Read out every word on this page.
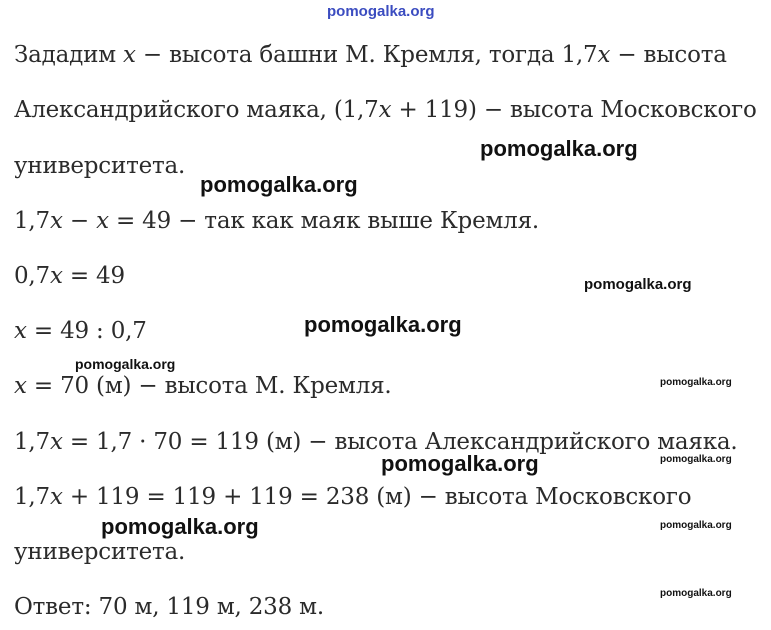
pomogalka.org
Зададим x − высота башни М. Кремля, тогда 1,7x − высота
Александрийского маяка, (1,7x + 119) − высота Московского
университета.
pomogalka.org
pomogalka.org
1,7x − x = 49 − так как маяк выше Кремля.
0,7x = 49	pomogalka.org
pomogalka.org
x = 49 : 0,7
pomogalka.org
x = 70 (м) − высота М. Кремля.	pomogalka.org
1,7x = 1,7 · 70 = 119 (м) − высота Александрийского маяка.
pomogalka.org	pomogalka.org
1,7x + 119 = 119 + 119 = 238 (м) − высота Московского
pomogalka.org	pomogalka.org
университета.
pomogalka.org
Ответ: 70 м, 119 м, 238 м.
